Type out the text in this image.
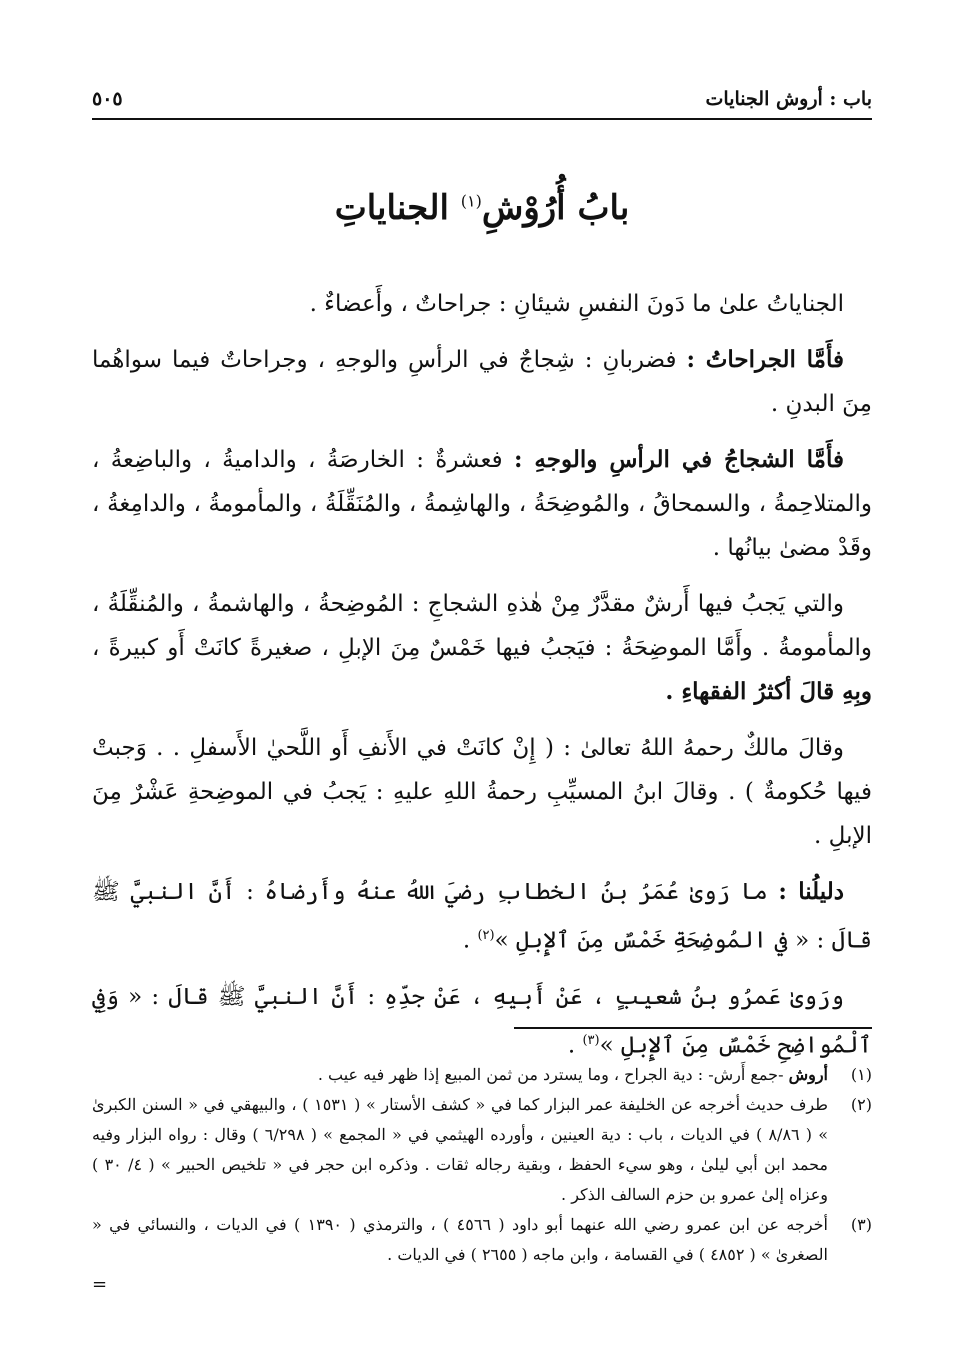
باب : أروش الجنايات
٥٠٥
بابُ أُرُوْشِ$^{(١)}$ الجناياتِ

الجناياتُ علىٰ ما دَونَ النفسِ شيئانِ : جراحاتٌ ، وأَعضاءٌ .

فأَمَّا الجراحاتُ : فضربانِ : شِجاجٌ في الرأسِ والوجهِ ، وجراحاتٌ فيما سواهُما مِنَ البدنِ .

فأَمَّا الشجاجُ في الرأسِ والوجهِ : فعشرةٌ : الخارصَةُ ، والداميةُ ، والباضِعةُ ، والمتلاحِمةُ ، والسمحاقُ ، والمُوضِحَةُ ، والهاشِمةُ ، والمُنَقِّلَةُ ، والمأمومةُ ، والدامِغةُ ، وقَدْ مضىٰ بيانُها .

والتي يَجبُ فيها أَرشٌ مقدَّرٌ مِنْ هٰذهِ الشجاجِ : المُوضِحةُ ، والهاشمةُ ، والمُنقِّلَةُ ، والمأمومةُ . وأَمَّا الموضِحَةُ : فيَجبُ فيها خَمْسٌ مِنَ الإبلِ ، صغيرةً كانَتْ أَو كبيرةً ، وبِهِ قالَ أكثرُ الفقهاءِ .

وقالَ مالكٌ رحمهُ اللهُ تعالىٰ : ( إِنْ كانَتْ في الأَنفِ أَو اللَّحيٰ الأَسفلِ . . وَجبتْ فيها حُكومةٌ ) . وقالَ ابنُ المسيِّبِ رحمةُ اللهِ عليهِ : يَجبُ في الموضِحةِ عَشْرٌ مِنَ الإبلِ .

دليلُنا : ما رَوىٰ عُمَرُ بنُ الخطابِ رضيَ اللهُ عنهُ وأَرضاهُ : أَنَّ النبيَّ ﷺ قالَ : « في المُوضِحَةِ خَمْسٌ مِنَ ٱلإِبلِ »$^{(٢)}$ .

ورَوىٰ عَمرُو بنُ شعيبٍ ، عَنْ أَبيهِ ، عَنْ جدِّهِ : أَنَّ النبيَّ ﷺ قالَ : « وَفِي ٱلْمُواضِحِ خَمْسٌ مِنَ ٱلإِبلِ »$^{(٣)}$ .

(١)
أروش -جمع أَرش- : دية الجراح ، وما يسترد من ثمن المبيع إذا ظهر فيه عيب .
(٢)
طرف حديث أخرجه عن الخليفة عمر البزار كما في « كشف الأستار » ( ١٥٣١ ) ، والبيهقي في « السنن الكبرىٰ » ( ٨/٨٦ ) في الديات ، باب : دية العينين ، وأورده الهيثمي في « المجمع » ( ٦/٢٩٨ ) وقال : رواه البزار وفيه محمد ابن أبي ليلىٰ ، وهو سيء الحفظ ، وبقية رجاله ثقات . وذكره ابن حجر في « تلخيص الحبير » ( ٤/ ٣٠ ) وعزاه إلىٰ عمرو بن حزم السالف الذكر .
(٣)
أخرجه عن ابن عمرو رضي الله عنهما أبو داود ( ٤٥٦٦ ) ، والترمذي ( ١٣٩٠ ) في الديات ، والنسائي في « الصغرىٰ » ( ٤٨٥٢ ) في القسامة ، وابن ماجه ( ٢٦٥٥ ) في الديات .
=
